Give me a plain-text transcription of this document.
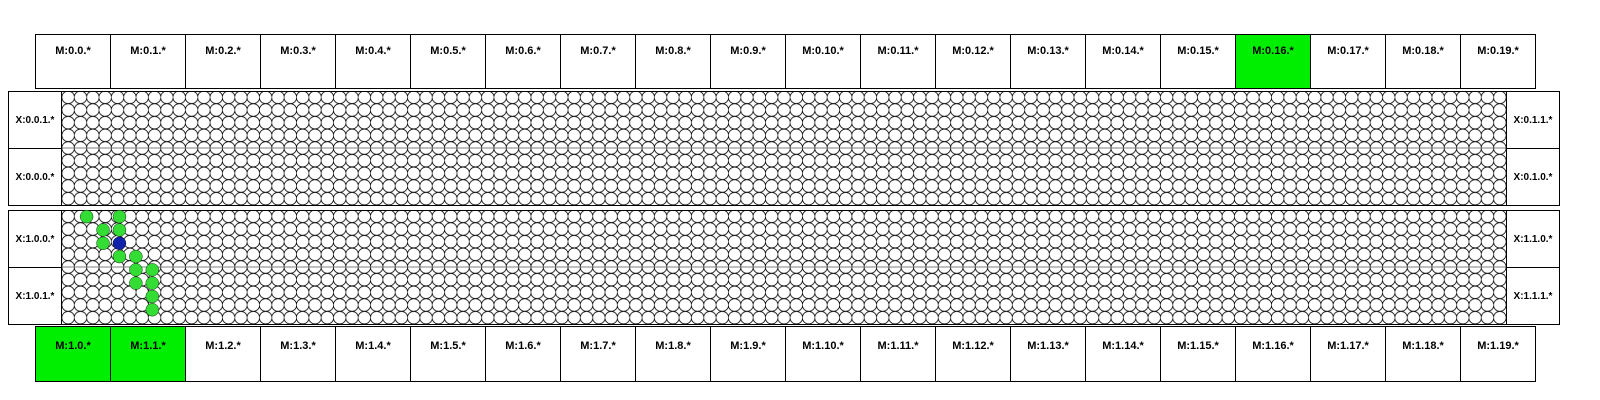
M:0.0.*	M:0.1.*	M:0.2.*	M:0.3.*	M:0.4.*	M:0.5.*	M:0.6.*	M:0.7.*	M:0.8.*	M:0.9.*	M:0.10.*	M:0.11.*	M:0.12.*	M:0.13.*	M:0.14.*	M:0.15.*	M:0.16.*	M:0.17.*	M:0.18.*	M:0.19.*
X:0.0.1.*	X:0.1.1.*
X:0.0.0.*	X:0.1.0.*
X:1.0.0.*	X:1.1.0.*
X:1.0.1.*	X:1.1.1.*
M:1.0.*	M:1.1.*	M:1.2.*	M:1.3.*	M:1.4.*	M:1.5.*	M:1.6.*	M:1.7.*	M:1.8.*	M:1.9.*	M:1.10.*	M:1.11.*	M:1.12.*	M:1.13.*	M:1.14.*	M:1.15.*	M:1.16.*	M:1.17.*	M:1.18.*	M:1.19.*
